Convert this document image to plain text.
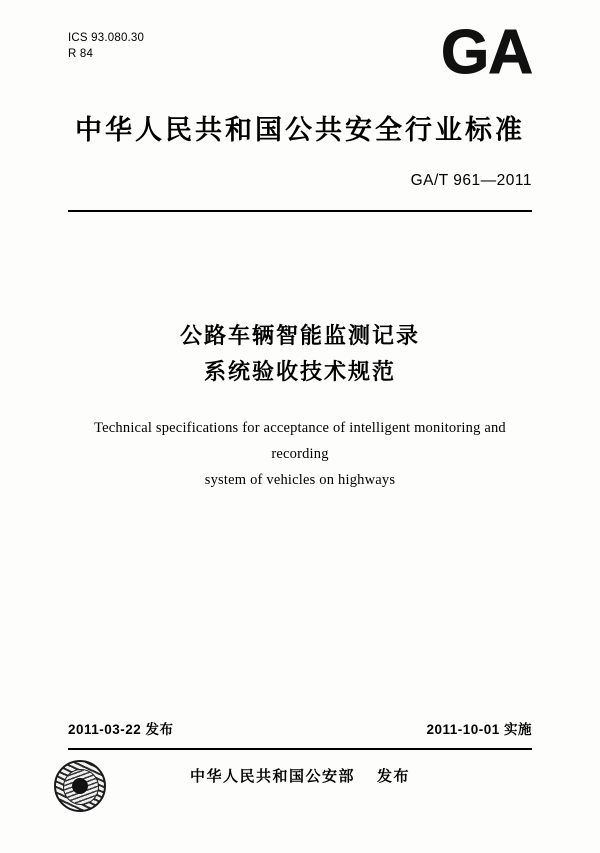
ICS 93.080.30
R 84	GA
中华人民共和国公共安全行业标准
GA/T 961—2011
公路车辆智能监测记录
系统验收技术规范
Technical specifications for acceptance of intelligent monitoring and recording
system of vehicles on highways
2011-03-22 发布	2011-10-01 实施
中华人民共和国公安部 发布
